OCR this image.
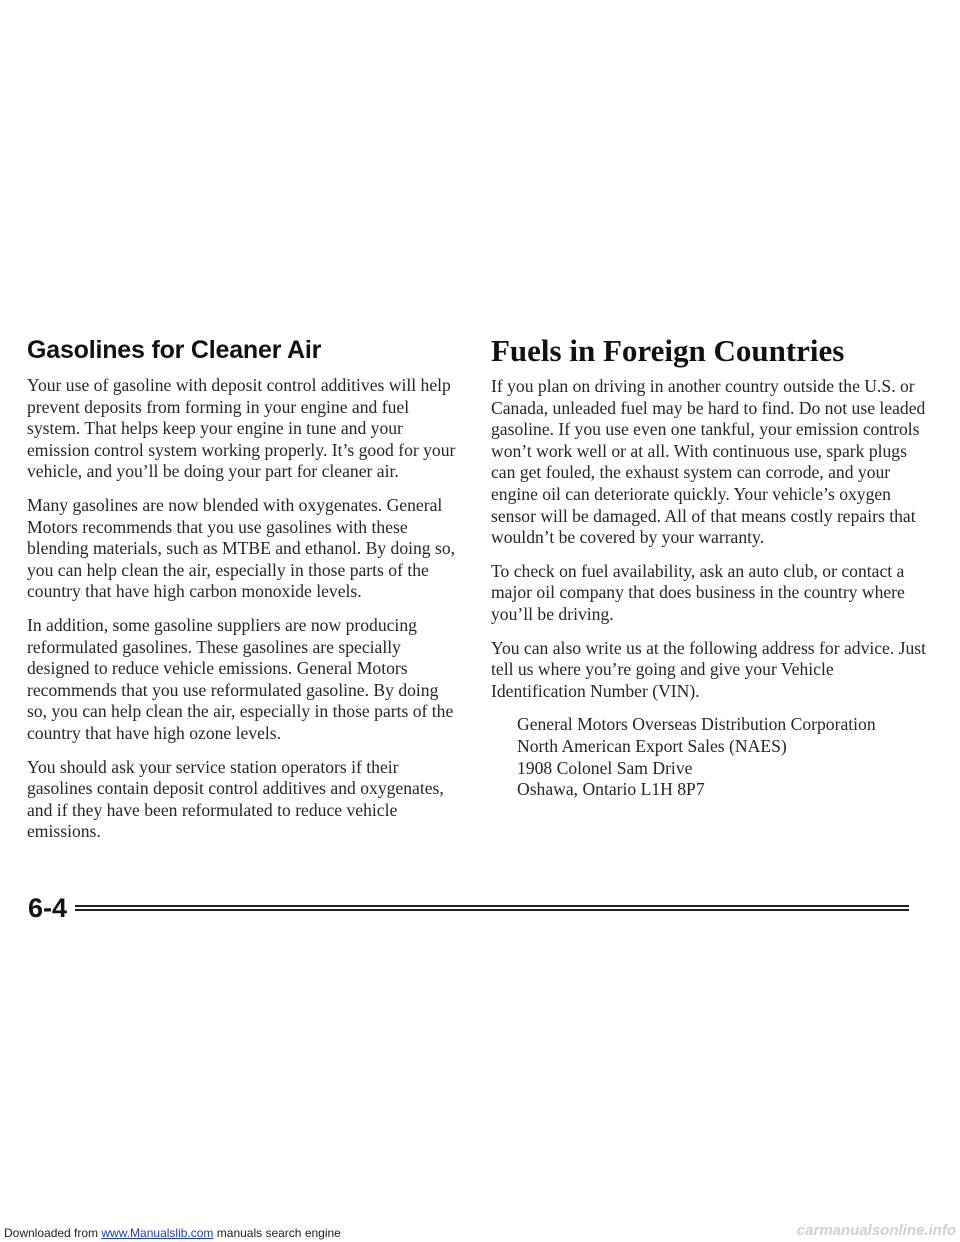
Gasolines for Cleaner Air

Your use of gasoline with deposit control additives will help prevent deposits from forming in your engine and fuel system. That helps keep your engine in tune and your emission control system working properly. It’s good for your vehicle, and you’ll be doing your part for cleaner air.

Many gasolines are now blended with oxygenates. General Motors recommends that you use gasolines with these blending materials, such as MTBE and ethanol. By doing so, you can help clean the air, especially in those parts of the country that have high carbon monoxide levels.

In addition, some gasoline suppliers are now producing reformulated gasolines. These gasolines are specially designed to reduce vehicle emissions. General Motors recommends that you use reformulated gasoline. By doing so, you can help clean the air, especially in those parts of the country that have high ozone levels.

You should ask your service station operators if their gasolines contain deposit control additives and oxygenates, and if they have been reformulated to reduce vehicle emissions.

Fuels in Foreign Countries

If you plan on driving in another country outside the U.S. or Canada, unleaded fuel may be hard to find. Do not use leaded gasoline. If you use even one tankful, your emission controls won’t work well or at all. With continuous use, spark plugs can get fouled, the exhaust system can corrode, and your engine oil can deteriorate quickly. Your vehicle’s oxygen sensor will be damaged. All of that means costly repairs that wouldn’t be covered by your warranty.

To check on fuel availability, ask an auto club, or contact a major oil company that does business in the country where you’ll be driving.

You can also write us at the following address for advice. Just tell us where you’re going and give your Vehicle Identification Number (VIN).

General Motors Overseas Distribution Corporation
North American Export Sales (NAES)
1908 Colonel Sam Drive
Oshawa, Ontario L1H 8P7
6-4
Downloaded from www.Manualslib.com manuals search engine	carmanualsonline.info
